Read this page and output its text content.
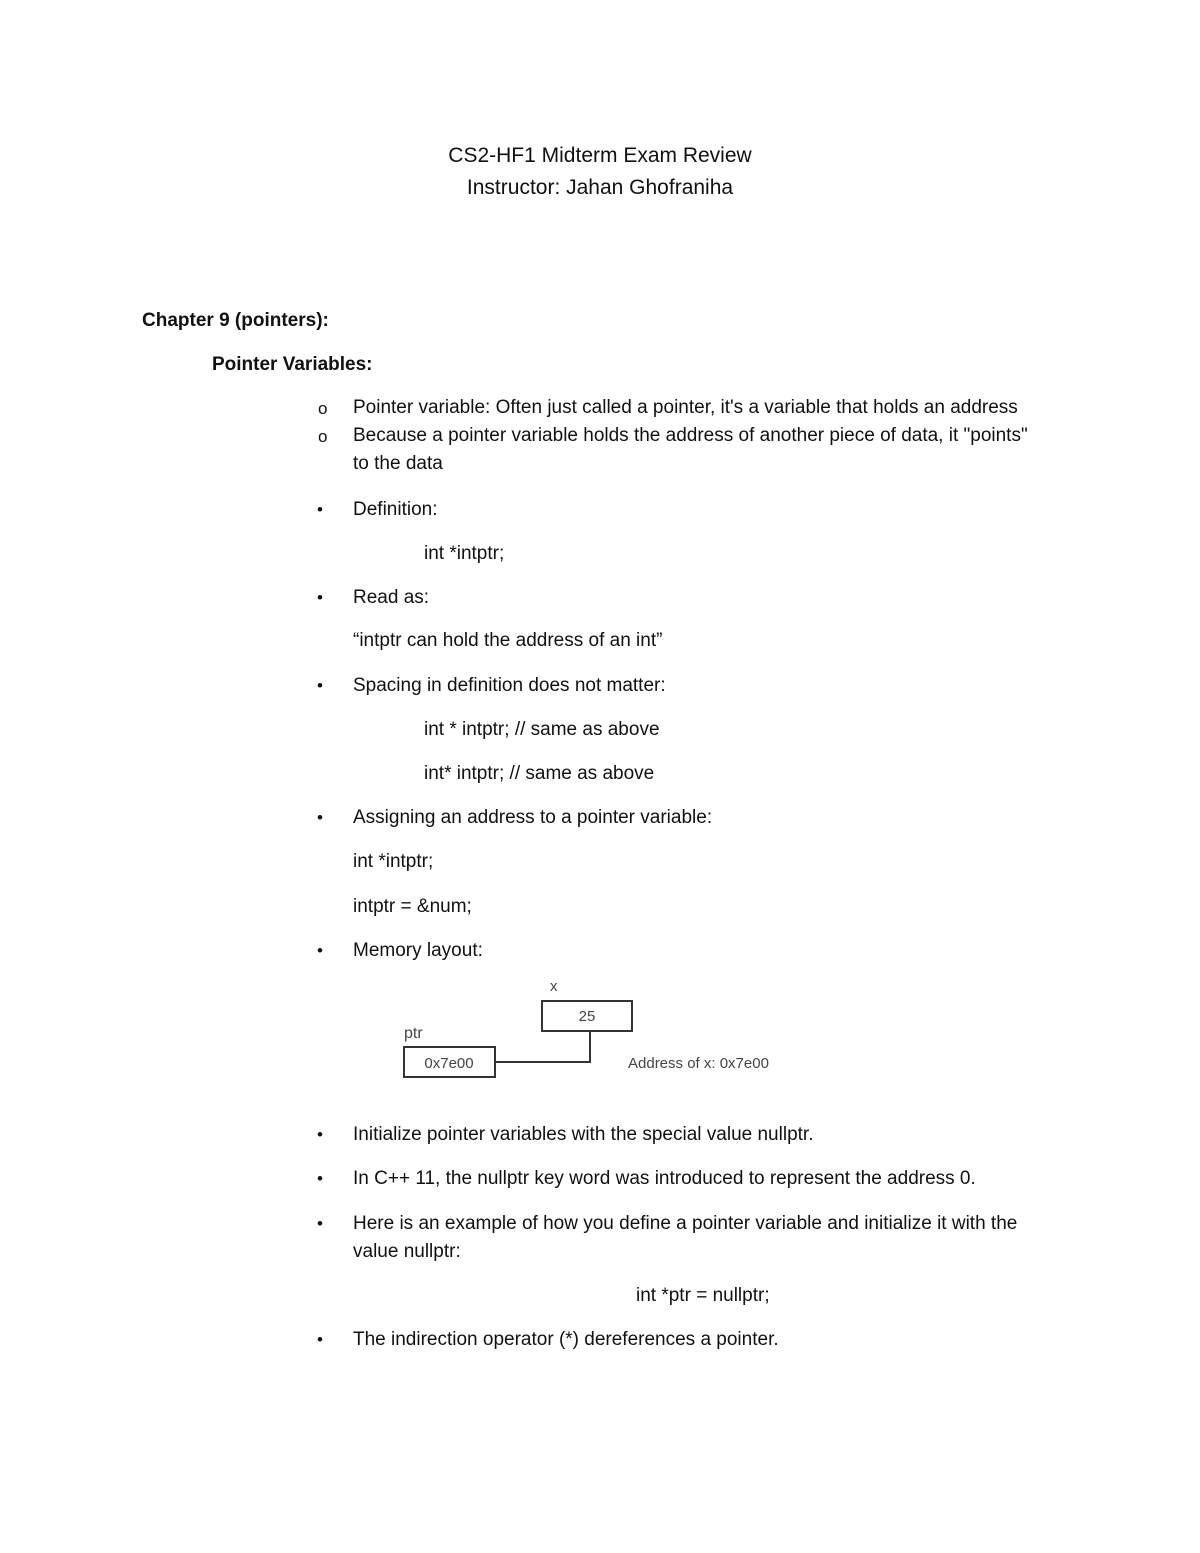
CS2-HF1 Midterm Exam Review
Instructor: Jahan Ghofraniha
Chapter 9 (pointers):
Pointer Variables:
o Pointer variable: Often just called a pointer, it's a variable that holds an address
o Because a pointer variable holds the address of another piece of data, it "points"
to the data
• Definition:
int *intptr;
• Read as:
“intptr can hold the address of an int”
• Spacing in definition does not matter:
int * intptr; // same as above
int* intptr; // same as above
• Assigning an address to a pointer variable:
int *intptr;
intptr = &num;
• Memory layout:
x
25
ptr
0x7e00	Address of x: 0x7e00
• Initialize pointer variables with the special value nullptr.
• In C++ 11, the nullptr key word was introduced to represent the address 0.
• Here is an example of how you define a pointer variable and initialize it with the
value nullptr:
int *ptr = nullptr;
• The indirection operator (*) dereferences a pointer.
